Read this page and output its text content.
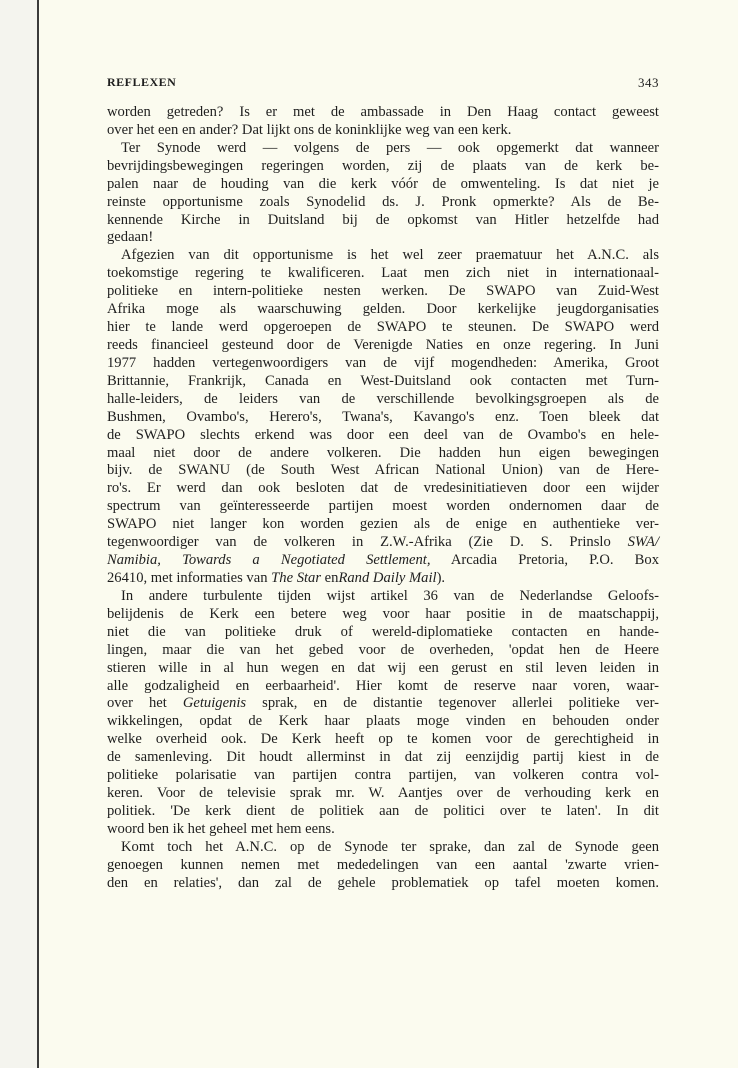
REFLEXEN	343
worden getreden? Is er met de ambassade in Den Haag contact geweest
over het een en ander? Dat lijkt ons de koninklijke weg van een kerk.
Ter Synode werd — volgens de pers — ook opgemerkt dat wanneer
bevrijdingsbewegingen regeringen worden, zij de plaats van de kerk be-
palen naar de houding van die kerk vóór de omwenteling. Is dat niet je
reinste opportunisme zoals Synodelid ds. J. Pronk opmerkte? Als de Be-
kennende Kirche in Duitsland bij de opkomst van Hitler hetzelfde had
gedaan!
Afgezien van dit opportunisme is het wel zeer praematuur het A.N.C. als
toekomstige regering te kwalificeren. Laat men zich niet in internationaal-
politieke en intern-politieke nesten werken. De SWAPO van Zuid-West
Afrika moge als waarschuwing gelden. Door kerkelijke jeugdorganisaties
hier te lande werd opgeroepen de SWAPO te steunen. De SWAPO werd
reeds financieel gesteund door de Verenigde Naties en onze regering. In Juni
1977 hadden vertegenwoordigers van de vijf mogendheden: Amerika, Groot
Brittannie, Frankrijk, Canada en West-Duitsland ook contacten met Turn-
halle-leiders, de leiders van de verschillende bevolkingsgroepen als de
Bushmen, Ovambo's, Herero's, Twana's, Kavango's enz. Toen bleek dat
de SWAPO slechts erkend was door een deel van de Ovambo's en hele-
maal niet door de andere volkeren. Die hadden hun eigen bewegingen
bijv. de SWANU (de South West African National Union) van de Here-
ro's. Er werd dan ook besloten dat de vredesinitiatieven door een wijder
spectrum van geïnteresseerde partijen moest worden ondernomen daar de
SWAPO niet langer kon worden gezien als de enige en authentieke ver-
tegenwoordiger van de volkeren in Z.W.-Afrika (Zie D. S. Prinslo SWA/
Namibia, Towards a Negotiated Settlement, Arcadia Pretoria, P.O. Box
26410, met informaties van The Star enRand Daily Mail).
In andere turbulente tijden wijst artikel 36 van de Nederlandse Geloofs-
belijdenis de Kerk een betere weg voor haar positie in de maatschappij,
niet die van politieke druk of wereld-diplomatieke contacten en hande-
lingen, maar die van het gebed voor de overheden, 'opdat hen de Heere
stieren wille in al hun wegen en dat wij een gerust en stil leven leiden in
alle godzaligheid en eerbaarheid'. Hier komt de reserve naar voren, waar-
over het Getuigenis sprak, en de distantie tegenover allerlei politieke ver-
wikkelingen, opdat de Kerk haar plaats moge vinden en behouden onder
welke overheid ook. De Kerk heeft op te komen voor de gerechtigheid in
de samenleving. Dit houdt allerminst in dat zij eenzijdig partij kiest in de
politieke polarisatie van partijen contra partijen, van volkeren contra vol-
keren. Voor de televisie sprak mr. W. Aantjes over de verhouding kerk en
politiek. 'De kerk dient de politiek aan de politici over te laten'. In dit
woord ben ik het geheel met hem eens.
Komt toch het A.N.C. op de Synode ter sprake, dan zal de Synode geen
genoegen kunnen nemen met mededelingen van een aantal 'zwarte vrien-
den en relaties', dan zal de gehele problematiek op tafel moeten komen.
